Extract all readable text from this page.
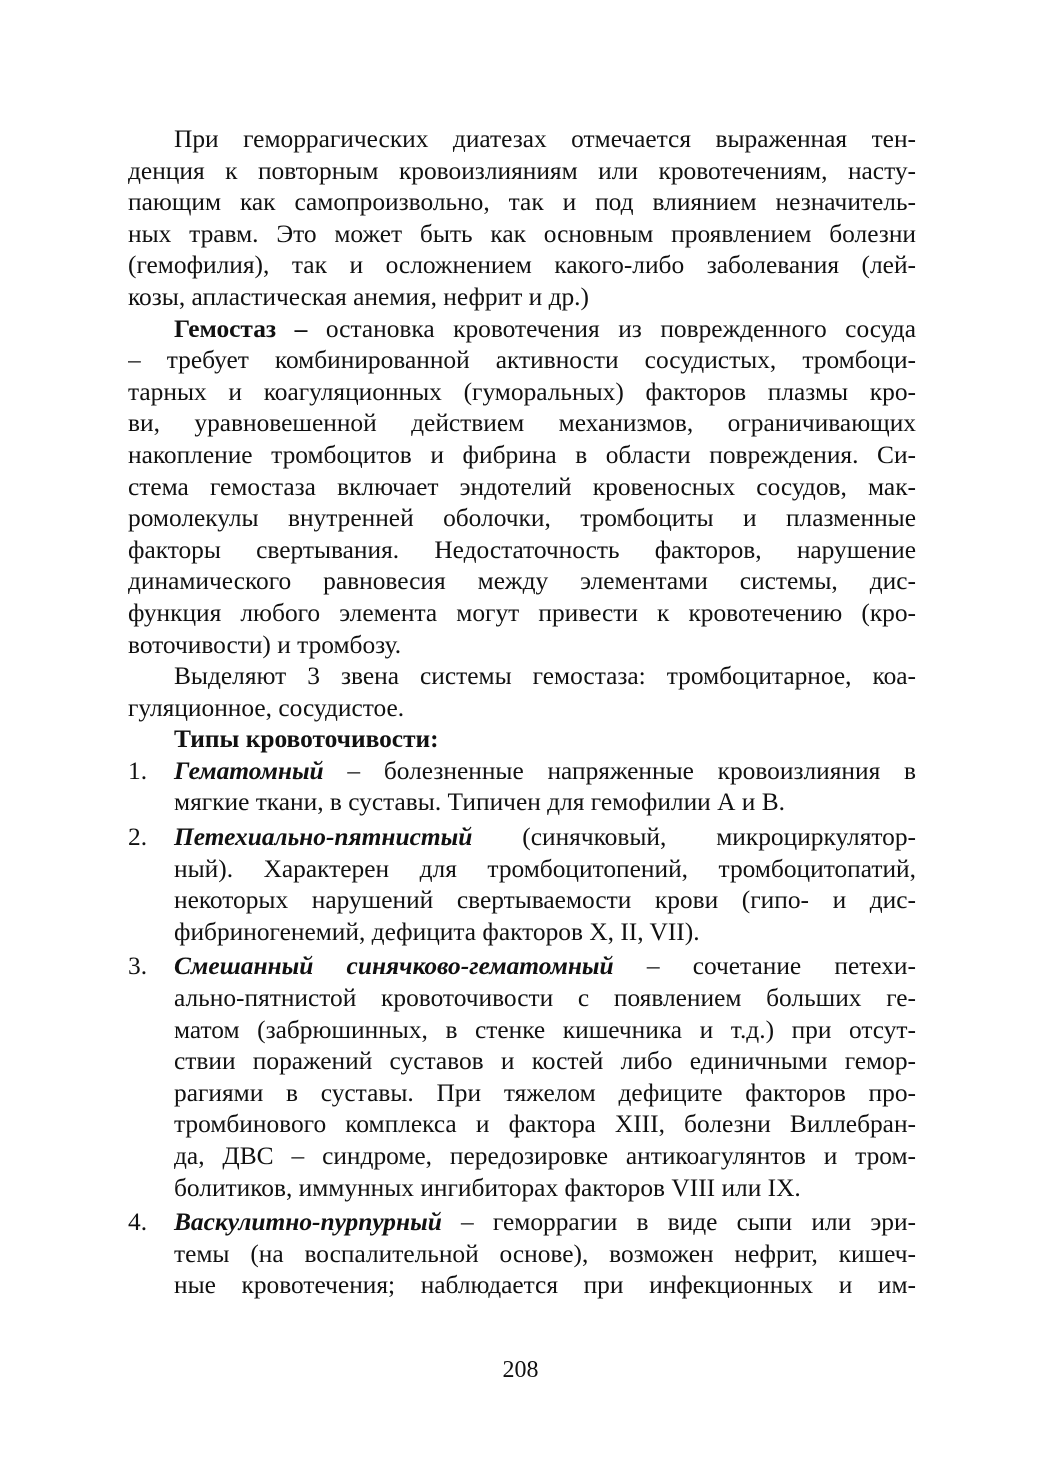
При геморрагических диатезах отмечается выраженная тен-
денция к повторным кровоизлияниям или кровотечениям, насту-
пающим как самопроизвольно, так и под влиянием незначитель-
ных травм. Это может быть как основным проявлением болезни
(гемофилия), так и осложнением какого-либо заболевания (лей-
козы, апластическая анемия, нефрит и др.)
Гемостаз – остановка кровотечения из поврежденного сосуда
– требует комбинированной активности сосудистых, тромбоци-
тарных и коагуляционных (гуморальных) факторов плазмы кро-
ви, уравновешенной действием механизмов, ограничивающих
накопление тромбоцитов и фибрина в области повреждения. Си-
стема гемостаза включает эндотелий кровеносных сосудов, мак-
ромолекулы внутренней оболочки, тромбоциты и плазменные
факторы свертывания. Недостаточность факторов, нарушение
динамического равновесия между элементами системы, дис-
функция любого элемента могут привести к кровотечению (кро-
воточивости) и тромбозу.
Выделяют 3 звена системы гемостаза: тромбоцитарное, коа-
гуляционное, сосудистое.
Типы кровоточивости:
1. Гематомный – болезненные напряженные кровоизлияния в
мягкие ткани, в суставы. Типичен для гемофилии А и В.
2. Петехиально-пятнистый (синячковый, микроциркулятор-
ный). Характерен для тромбоцитопений, тромбоцитопатий,
некоторых нарушений свертываемости крови (гипо- и дис-
фибриногенемий, дефицита факторов X, II, VII).
3. Смешанный синячково-гематомный – сочетание петехи-
ально-пятнистой кровоточивости с появлением больших ге-
матом (забрюшинных, в стенке кишечника и т.д.) при отсут-
ствии поражений суставов и костей либо единичными гемор-
рагиями в суставы. При тяжелом дефиците факторов про-
тромбинового комплекса и фактора XIII, болезни Виллебран-
да, ДВС – синдроме, передозировке антикоагулянтов и тром-
болитиков, иммунных ингибиторах факторов VIII или IX.
4. Васкулитно-пурпурный – геморрагии в виде сыпи или эри-
темы (на воспалительной основе), возможен нефрит, кишеч-
ные кровотечения; наблюдается при инфекционных и им-
208
